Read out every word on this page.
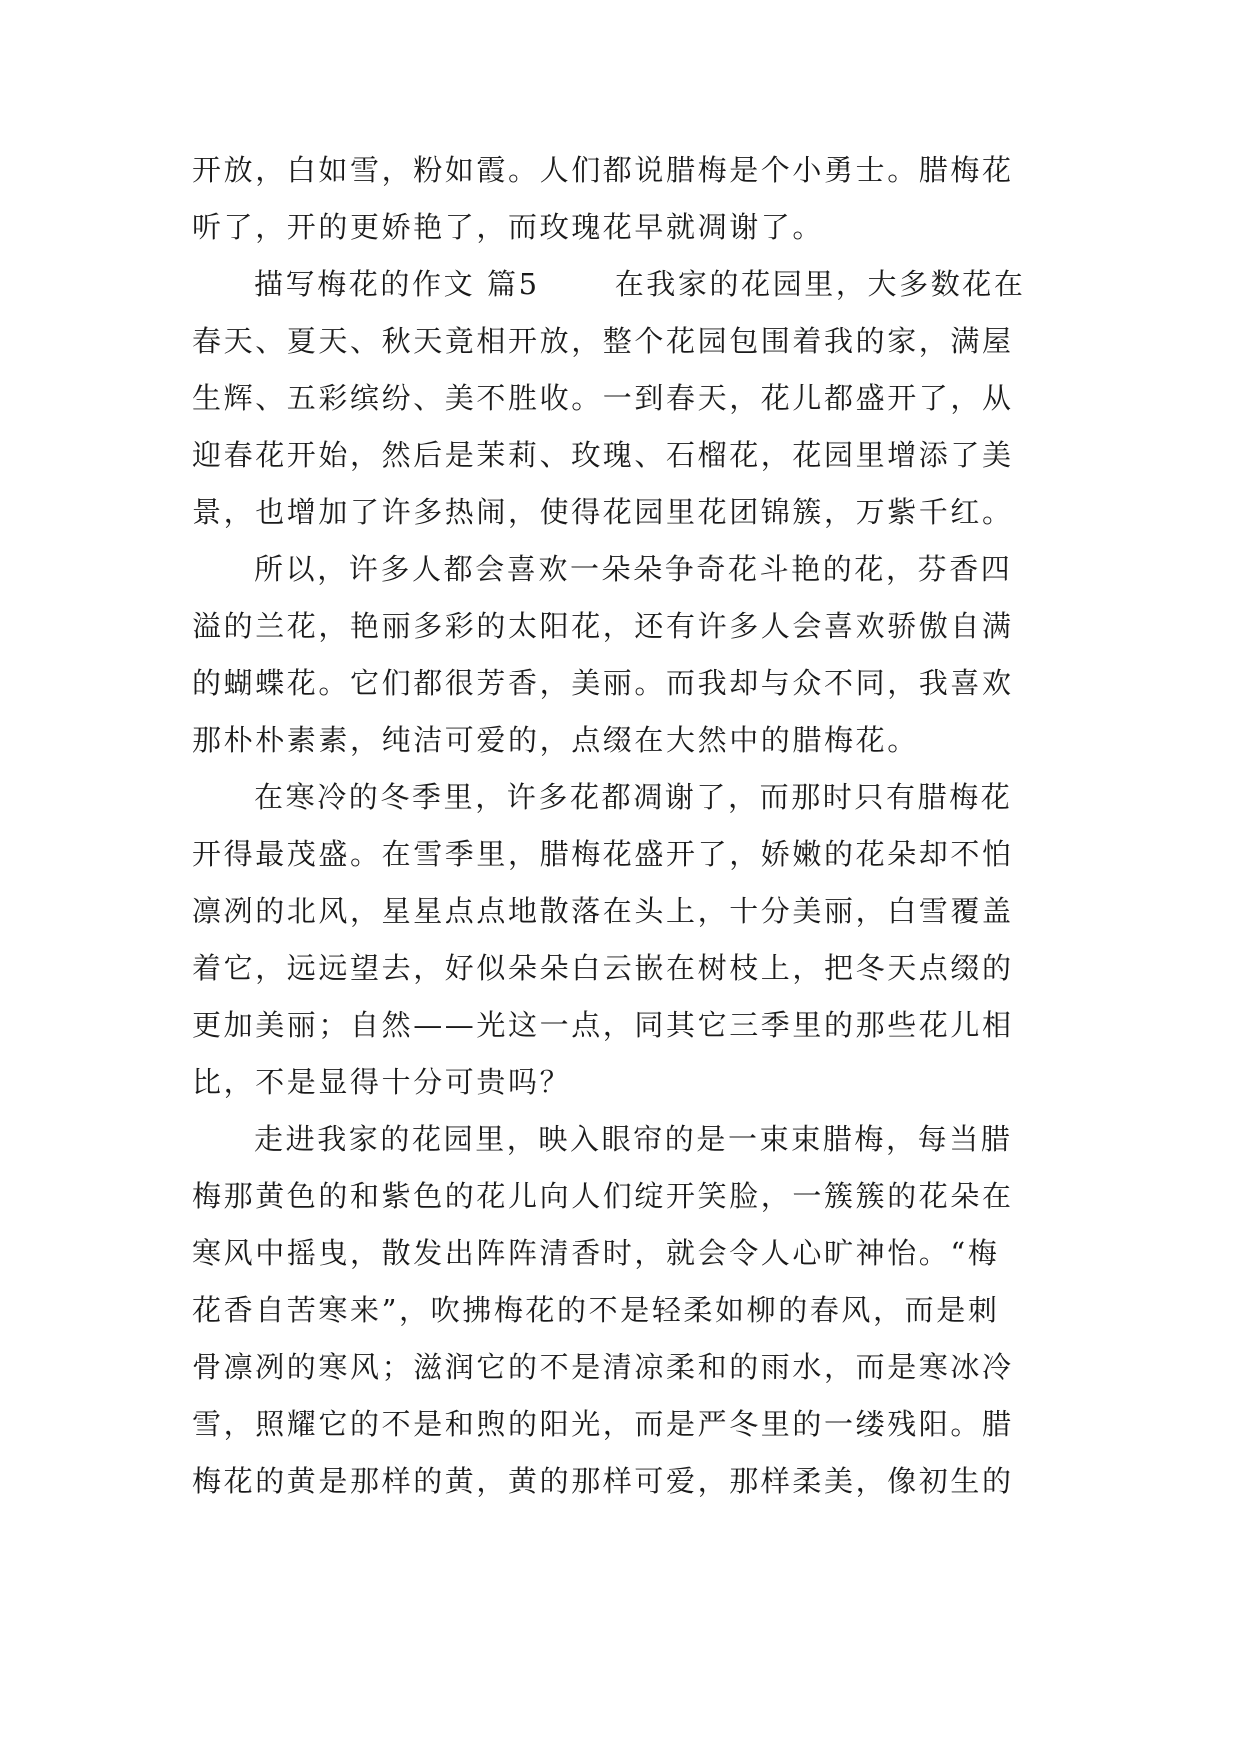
开放，白如雪，粉如霞。人们都说腊梅是个小勇士。腊梅花
听了，开的更娇艳了，而玫瑰花早就凋谢了。
描写梅花的作文 篇5 　　在我家的花园里，大多数花在
春天、夏天、秋天竟相开放，整个花园包围着我的家，满屋
生辉、五彩缤纷、美不胜收。一到春天，花儿都盛开了，从
迎春花开始，然后是茉莉、玫瑰、石榴花，花园里增添了美
景，也增加了许多热闹，使得花园里花团锦簇，万紫千红。
所以，许多人都会喜欢一朵朵争奇花斗艳的花，芬香四
溢的兰花，艳丽多彩的太阳花，还有许多人会喜欢骄傲自满
的蝴蝶花。它们都很芳香，美丽。而我却与众不同，我喜欢
那朴朴素素，纯洁可爱的，点缀在大然中的腊梅花。
在寒冷的冬季里，许多花都凋谢了，而那时只有腊梅花
开得最茂盛。在雪季里，腊梅花盛开了，娇嫩的花朵却不怕
凛冽的北风，星星点点地散落在头上，十分美丽，白雪覆盖
着它，远远望去，好似朵朵白云嵌在树枝上，把冬天点缀的
更加美丽；自然——光这一点，同其它三季里的那些花儿相
比，不是显得十分可贵吗？
走进我家的花园里，映入眼帘的是一束束腊梅，每当腊
梅那黄色的和紫色的花儿向人们绽开笑脸，一簇簇的花朵在
寒风中摇曳，散发出阵阵清香时，就会令人心旷神怡。“梅
花香自苦寒来”，吹拂梅花的不是轻柔如柳的春风，而是刺
骨凛冽的寒风；滋润它的不是清凉柔和的雨水，而是寒冰冷
雪，照耀它的不是和煦的阳光，而是严冬里的一缕残阳。腊
梅花的黄是那样的黄，黄的那样可爱，那样柔美，像初生的
